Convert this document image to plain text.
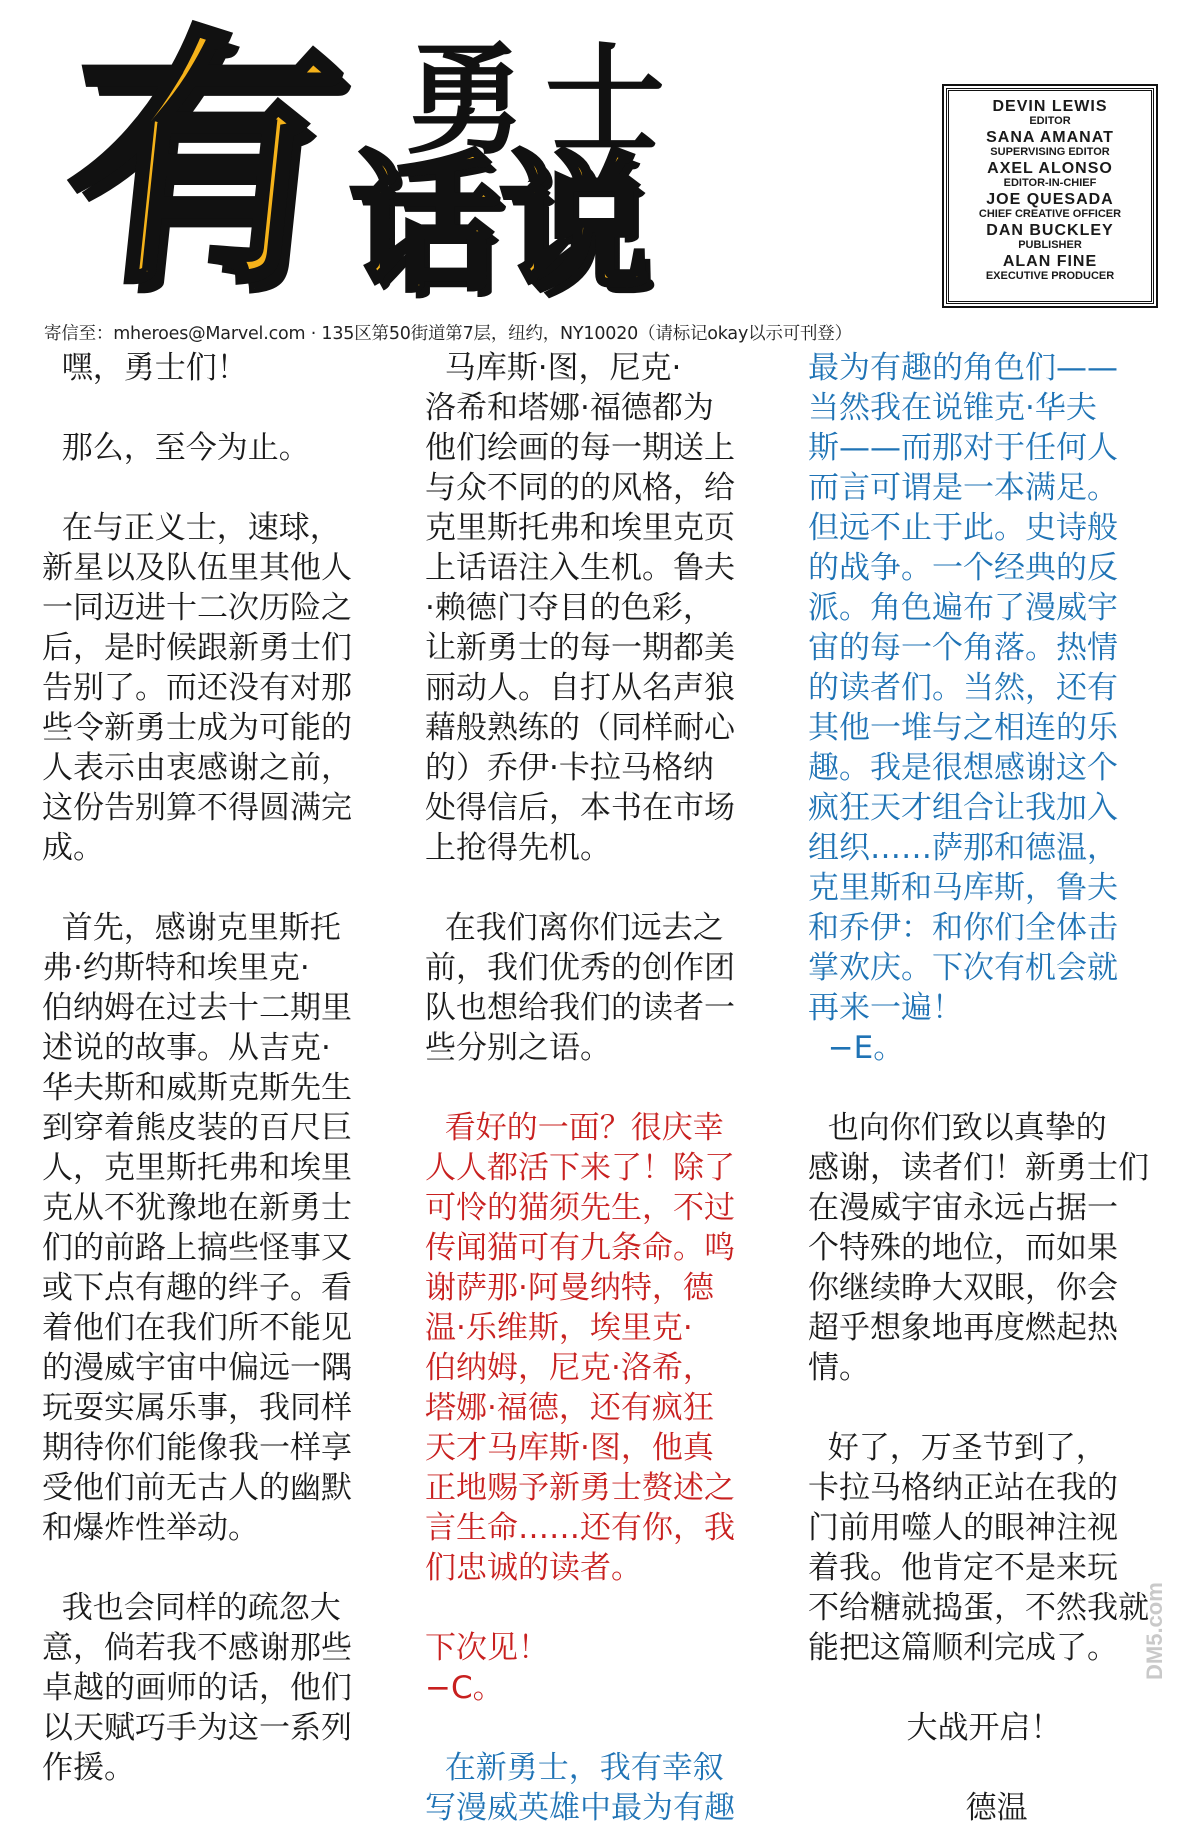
有 勇士
话说
DEVIN LEWIS
EDITOR
SANA AMANAT
SUPERVISING EDITOR
AXEL ALONSO
EDITOR-IN-CHIEF
JOE QUESADA
CHIEF CREATIVE OFFICER
DAN BUCKLEY
PUBLISHER
ALAN FINE
EXECUTIVE PRODUCER
寄信至：mheroes@Marvel.com · 135区第50街道第7层，纽约，NY10020（请标记okay以示可刊登）

嘿，勇士们！

那么，至今为止。

在与正义士，速球，

新星以及队伍里其他人

一同迈进十二次历险之

后，是时候跟新勇士们

告别了。而还没有对那

些令新勇士成为可能的

人表示由衷感谢之前，

这份告别算不得圆满完

成。

首先，感谢克里斯托

弗·约斯特和埃里克·

伯纳姆在过去十二期里

述说的故事。从吉克·

华夫斯和威斯克斯先生

到穿着熊皮装的百尺巨

人，克里斯托弗和埃里

克从不犹豫地在新勇士

们的前路上搞些怪事又

或下点有趣的绊子。看

着他们在我们所不能见

的漫威宇宙中偏远一隅

玩耍实属乐事，我同样

期待你们能像我一样享

受他们前无古人的幽默

和爆炸性举动。

我也会同样的疏忽大

意，倘若我不感谢那些

卓越的画师的话，他们

以天赋巧手为这一系列

作援。

马库斯·图，尼克·

洛希和塔娜·福德都为

他们绘画的每一期送上

与众不同的的风格，给

克里斯托弗和埃里克页

上话语注入生机。鲁夫

·赖德门夺目的色彩，

让新勇士的每一期都美

丽动人。自打从名声狼

藉般熟练的（同样耐心

的）乔伊·卡拉马格纳

处得信后，本书在市场

上抢得先机。

在我们离你们远去之

前，我们优秀的创作团

队也想给我们的读者一

些分别之语。

看好的一面？很庆幸

人人都活下来了！除了

可怜的猫须先生，不过

传闻猫可有九条命。鸣

谢萨那·阿曼纳特，德

温·乐维斯，埃里克·

伯纳姆，尼克·洛希，

塔娜·福德，还有疯狂

天才马库斯·图，他真

正地赐予新勇士赘述之

言生命……还有你，我

们忠诚的读者。

下次见！

−C。

在新勇士，我有幸叙

写漫威英雄中最为有趣

最为有趣的角色们——

当然我在说锥克·华夫

斯——而那对于任何人

而言可谓是一本满足。

但远不止于此。史诗般

的战争。一个经典的反

派。角色遍布了漫威宇

宙的每一个角落。热情

的读者们。当然，还有

其他一堆与之相连的乐

趣。我是很想感谢这个

疯狂天才组合让我加入

组织……萨那和德温，

克里斯和马库斯，鲁夫

和乔伊：和你们全体击

掌欢庆。下次有机会就

再来一遍！

−E。

也向你们致以真挚的

感谢，读者们！新勇士们

在漫威宇宙永远占据一

个特殊的地位，而如果

你继续睁大双眼，你会

超乎想象地再度燃起热

情。

好了，万圣节到了，

卡拉马格纳正站在我的

门前用噬人的眼神注视

着我。他肯定不是来玩

不给糖就捣蛋，不然我就

能把这篇顺利完成了。

大战开启！

德温

DM5.com
